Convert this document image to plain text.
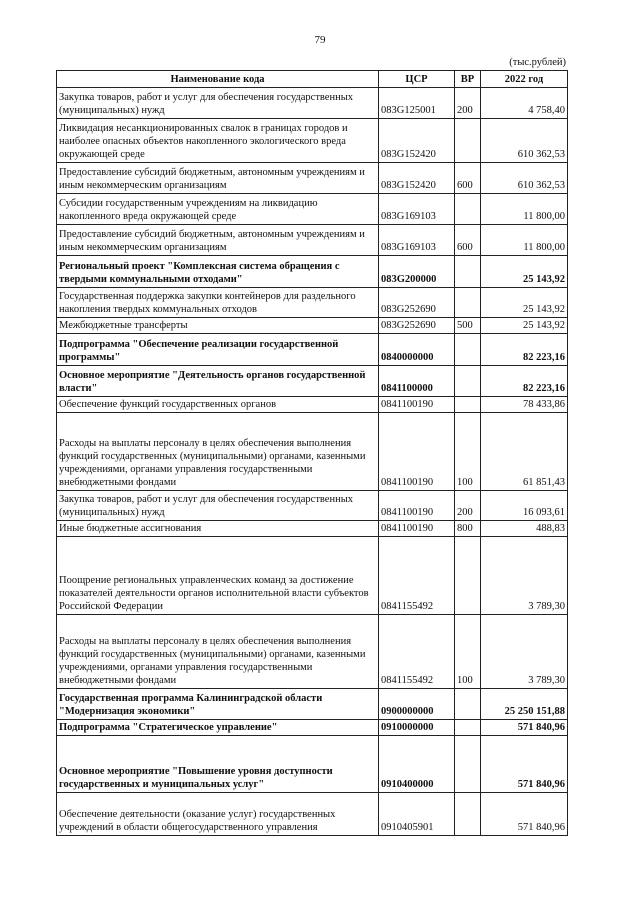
79
(тыс.рублей)
Наименование кода	ЦСР	ВР	2022 год
Закупка товаров, работ и услуг для обеспечения государственных (муниципальных) нужд	083G125001	200	4 758,40
Ликвидация несанкционированных свалок в границах городов и наиболее опасных объектов накопленного экологического вреда окружающей среде	083G152420		610 362,53
Предоставление субсидий бюджетным, автономным учреждениям и иным некоммерческим организациям	083G152420	600	610 362,53
Субсидии государственным учреждениям на ликвидацию накопленного вреда окружающей среде	083G169103		11 800,00
Предоставление субсидий бюджетным, автономным учреждениям и иным некоммерческим организациям	083G169103	600	11 800,00
Региональный проект "Комплексная система обращения с твердыми коммунальными отходами"	083G200000		25 143,92
Государственная поддержка закупки контейнеров для раздельного накопления твердых коммунальных отходов	083G252690		25 143,92
Межбюджетные трансферты	083G252690	500	25 143,92
Подпрограмма "Обеспечение реализации государственной программы"	0840000000		82 223,16
Основное мероприятие "Деятельность органов государственной власти"	0841100000		82 223,16
Обеспечение функций государственных органов	0841100190		78 433,86
Расходы на выплаты персоналу в целях обеспечения выполнения функций государственных (муниципальными) органами, казенными учреждениями, органами управления государственными внебюджетными фондами	0841100190	100	61 851,43
Закупка товаров, работ и услуг для обеспечения государственных (муниципальных) нужд	0841100190	200	16 093,61
Иные бюджетные ассигнования	0841100190	800	488,83
Поощрение региональных управленческих команд за достижение показателей деятельности органов исполнительной власти субъектов Российской Федерации	0841155492		3 789,30
Расходы на выплаты персоналу в целях обеспечения выполнения функций государственных (муниципальными) органами, казенными учреждениями, органами управления государственными внебюджетными фондами	0841155492	100	3 789,30
Государственная программа Калининградской области "Модернизация экономики"	0900000000		25 250 151,88
Подпрограмма "Стратегическое управление"	0910000000		571 840,96
Основное мероприятие "Повышение уровня доступности государственных и муниципальных услуг"	0910400000		571 840,96
Обеспечение деятельности (оказание услуг) государственных учреждений в области общегосударственного управления	0910405901		571 840,96
